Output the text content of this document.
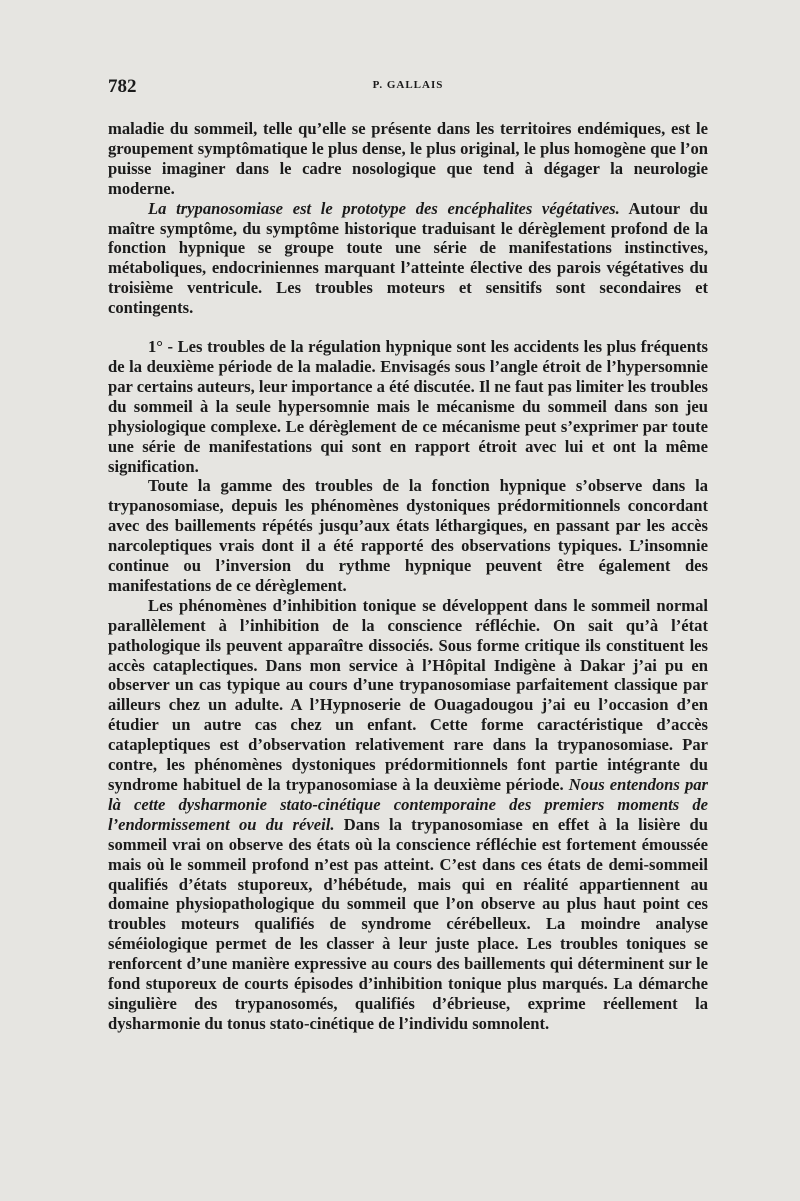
782	P. GALLAIS

maladie du sommeil, telle qu’elle se présente dans les territoires endémiques, est le groupement symptômatique le plus dense, le plus original, le plus homogène que l’on puisse imaginer dans le cadre nosologique que tend à dégager la neurologie moderne.

La trypanosomiase est le prototype des encéphalites végétatives. Autour du maître symptôme, du symptôme historique traduisant le dérèglement profond de la fonction hypnique se groupe toute une série de manifestations instinctives, métaboliques, endocriniennes marquant l’atteinte élective des parois végétatives du troisième ventricule. Les troubles moteurs et sensitifs sont secondaires et contingents.

1° - Les troubles de la régulation hypnique sont les accidents les plus fréquents de la deuxième période de la maladie. Envisagés sous l’angle étroit de l’hypersomnie par certains auteurs, leur importance a été discutée. Il ne faut pas limiter les troubles du sommeil à la seule hypersomnie mais le mécanisme du sommeil dans son jeu physiologique complexe. Le dérèglement de ce mécanisme peut s’exprimer par toute une série de manifestations qui sont en rapport étroit avec lui et ont la même signification.

Toute la gamme des troubles de la fonction hypnique s’observe dans la trypanosomiase, depuis les phénomènes dystoniques prédormitionnels concordant avec des baillements répétés jusqu’aux états léthargiques, en passant par les accès narcoleptiques vrais dont il a été rapporté des observations typiques. L’insomnie continue ou l’inversion du rythme hypnique peuvent être également des manifestations de ce dérèglement.

Les phénomènes d’inhibition tonique se développent dans le sommeil normal parallèlement à l’inhibition de la conscience réfléchie. On sait qu’à l’état pathologique ils peuvent apparaître dissociés. Sous forme critique ils constituent les accès cataplectiques. Dans mon service à l’Hôpital Indigène à Dakar j’ai pu en observer un cas typique au cours d’une trypanosomiase parfaitement classique par ailleurs chez un adulte. A l’Hypnoserie de Ouagadougou j’ai eu l’occasion d’en étudier un autre cas chez un enfant. Cette forme caractéristique d’accès catapleptiques est d’observation relativement rare dans la trypanosomiase. Par contre, les phénomènes dystoniques prédormitionnels font partie intégrante du syndrome habituel de la trypanosomiase à la deuxième période. Nous entendons par là cette dysharmonie stato-cinétique contemporaine des premiers moments de l’endormissement ou du réveil. Dans la trypanosomiase en effet à la lisière du sommeil vrai on observe des états où la conscience réfléchie est fortement émoussée mais où le sommeil profond n’est pas atteint. C’est dans ces états de demi-sommeil qualifiés d’états stuporeux, d’hébétude, mais qui en réalité appartiennent au domaine physiopathologique du sommeil que l’on observe au plus haut point ces troubles moteurs qualifiés de syndrome cérébelleux. La moindre analyse séméiologique permet de les classer à leur juste place. Les troubles toniques se renforcent d’une manière expressive au cours des baillements qui déterminent sur le fond stuporeux de courts épisodes d’inhibition tonique plus marqués. La démarche singulière des trypanosomés, qualifiés d’ébrieuse, exprime réellement la dysharmonie du tonus stato-cinétique de l’individu somnolent.
